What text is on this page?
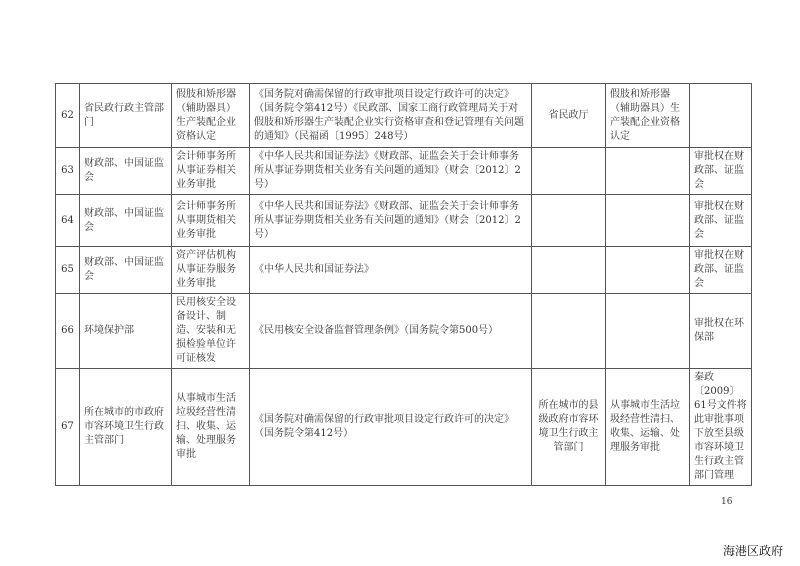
62	省民政行政主管部门	假肢和矫形器（辅助器具）生产装配企业资格认定	《国务院对确需保留的行政审批项目设定行政许可的决定》（国务院令第412号）《民政部、国家工商行政管理局关于对假肢和矫形器生产装配企业实行资格审查和登记管理有关问题的通知》（民福函〔1995〕248号）	省民政厅	假肢和矫形器（辅助器具）生产装配企业资格认定	
63	财政部、中国证监会	会计师事务所从事证券相关业务审批	《中华人民共和国证券法》《财政部、证监会关于会计师事务所从事证券期货相关业务有关问题的通知》（财会〔2012〕2号）			审批权在财政部、证监会
64	财政部、中国证监会	会计师事务所从事期货相关业务审批	《中华人民共和国证券法》《财政部、证监会关于会计师事务所从事证券期货相关业务有关问题的通知》（财会〔2012〕2号）			审批权在财政部、证监会
65	财政部、中国证监会	资产评估机构从事证券服务业务审批	《中华人民共和国证券法》			审批权在财政部、证监会
66	环境保护部	民用核安全设备设计、制造、安装和无损检验单位许可证核发	《民用核安全设备监督管理条例》（国务院令第500号）			审批权在环保部
67	所在城市的市政府市容环境卫生行政主管部门	从事城市生活垃圾经营性清扫、收集、运输、处理服务审批	《国务院对确需保留的行政审批项目设定行政许可的决定》（国务院令第412号）	所在城市的县级政府市容环境卫生行政主管部门	从事城市生活垃圾经营性清扫、收集、运输、处理服务审批	秦政〔2009〕61号文件将此审批事项下放至县级市容环境卫生行政主管部门管理
16
海港区政府
